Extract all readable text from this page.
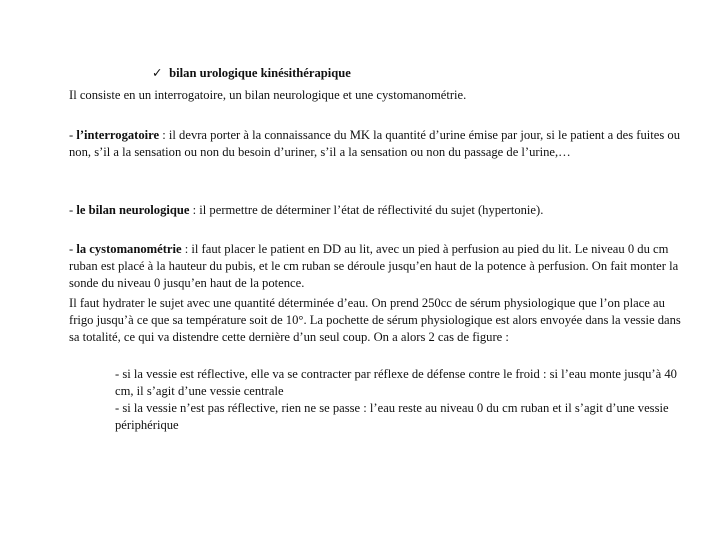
✓ bilan urologique kinésithérapique

Il consiste en un interrogatoire, un bilan neurologique et une cystomanométrie.

- l’interrogatoire : il devra porter à la connaissance du MK la quantité d’urine émise par jour, si le patient a des fuites ou non, s’il a la sensation ou non du besoin d’uriner, s’il a la sensation ou non du passage de l’urine,…

- le bilan neurologique : il permettre de déterminer l’état de réflectivité du sujet (hypertonie).

- la cystomanométrie : il faut placer le patient en DD au lit, avec un pied à perfusion au pied du lit. Le niveau 0 du cm ruban est placé à la hauteur du pubis, et le cm ruban se déroule jusqu’en haut de la potence à perfusion. On fait monter la sonde du niveau 0 jusqu’en haut de la potence.

Il faut hydrater le sujet avec une quantité déterminée d’eau. On prend 250cc de sérum physiologique que l’on place au frigo jusqu’à ce que sa température soit de 10°. La pochette de sérum physiologique est alors envoyée dans la vessie dans sa totalité, ce qui va distendre cette dernière d’un seul coup. On a alors 2 cas de figure :

- si la vessie est réflective, elle va se contracter par réflexe de défense contre le froid : si l’eau monte jusqu’à 40 cm, il s’agit d’une vessie centrale

- si la vessie n’est pas réflective, rien ne se passe : l’eau reste au niveau 0 du cm ruban et il s’agit d’une vessie périphérique
